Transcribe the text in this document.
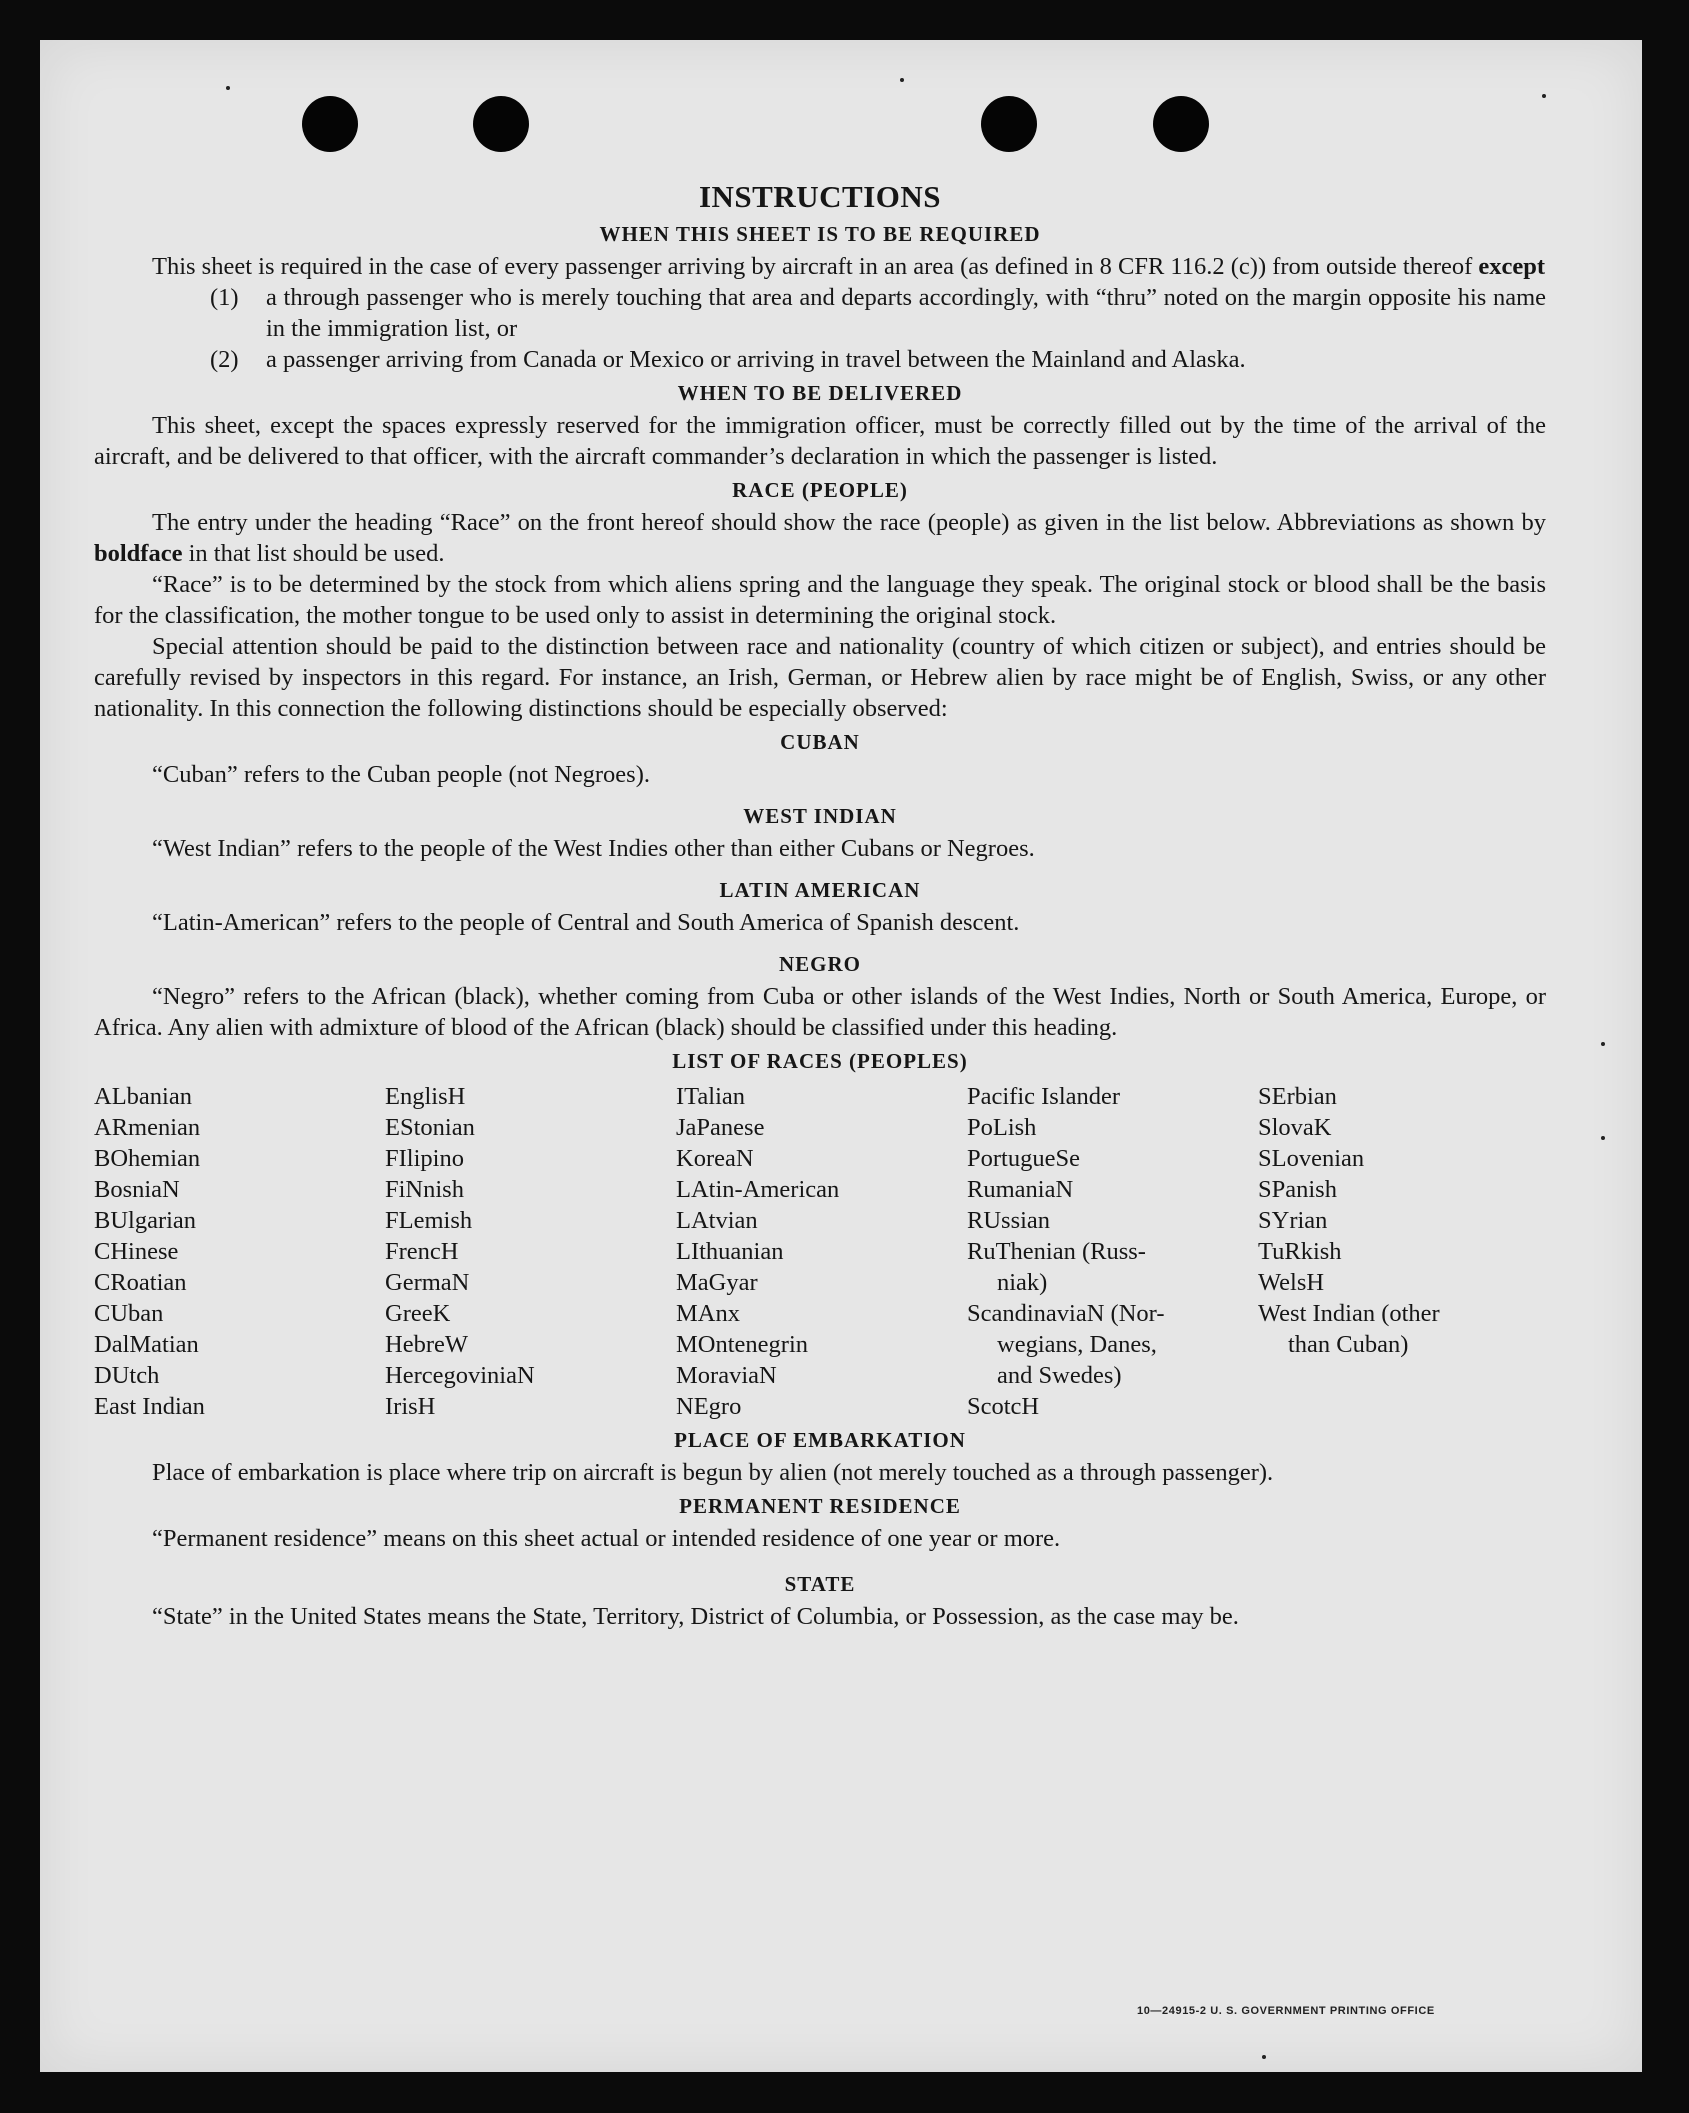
INSTRUCTIONS
WHEN THIS SHEET IS TO BE REQUIRED

This sheet is required in the case of every passenger arriving by aircraft in an area (as defined in 8 CFR 116.2 (c)) from outside thereof except

(1)	a through passenger who is merely touching that area and departs accordingly, with “thru” noted on the margin opposite his name in the immigration list, or
(2)	a passenger arriving from Canada or Mexico or arriving in travel between the Mainland and Alaska.
WHEN TO BE DELIVERED

This sheet, except the spaces expressly reserved for the immigration officer, must be correctly filled out by the time of the arrival of the aircraft, and be delivered to that officer, with the aircraft commander’s declaration in which the passenger is listed.

RACE (PEOPLE)

The entry under the heading “Race” on the front hereof should show the race (people) as given in the list below. Abbreviations as shown by boldface in that list should be used.

“Race” is to be determined by the stock from which aliens spring and the language they speak. The original stock or blood shall be the basis for the classification, the mother tongue to be used only to assist in determining the original stock.

Special attention should be paid to the distinction between race and nationality (country of which citizen or subject), and entries should be carefully revised by inspectors in this regard. For instance, an Irish, German, or Hebrew alien by race might be of English, Swiss, or any other nationality. In this connection the following distinctions should be especially observed:

CUBAN

“Cuban” refers to the Cuban people (not Negroes).

WEST INDIAN

“West Indian” refers to the people of the West Indies other than either Cubans or Negroes.

LATIN AMERICAN

“Latin-American” refers to the people of Central and South America of Spanish descent.

NEGRO

“Negro” refers to the African (black), whether coming from Cuba or other islands of the West Indies, North or South America, Europe, or Africa. Any alien with admixture of blood of the African (black) should be classified under this heading.

LIST OF RACES (PEOPLES)
ALbanian
ARmenian
BOhemian
BosniaN
BUlgarian
CHinese
CRoatian
CUban
DalMatian
DUtch
East Indian
EnglisH
EStonian
FIlipino
FiNnish
FLemish
FrencH
GermaN
GreeK
HebreW
HercegoviniaN
IrisH
ITalian
JaPanese
KoreaN
LAtin-American
LAtvian
LIthuanian
MaGyar
MAnx
MOntenegrin
MoraviaN
NEgro
Pacific Islander
PoLish
PortugueSe
RumaniaN
RUssian
RuThenian (Russ-
niak)
ScandinaviaN (Nor-
wegians, Danes,
and Swedes)
ScotcH
SErbian
SlovaK
SLovenian
SPanish
SYrian
TuRkish
WelsH
West Indian (other
than Cuban)
PLACE OF EMBARKATION

Place of embarkation is place where trip on aircraft is begun by alien (not merely touched as a through passenger).

PERMANENT RESIDENCE

“Permanent residence” means on this sheet actual or intended residence of one year or more.

STATE

“State” in the United States means the State, Territory, District of Columbia, or Possession, as the case may be.

10—24915-2 U. S. GOVERNMENT PRINTING OFFICE
